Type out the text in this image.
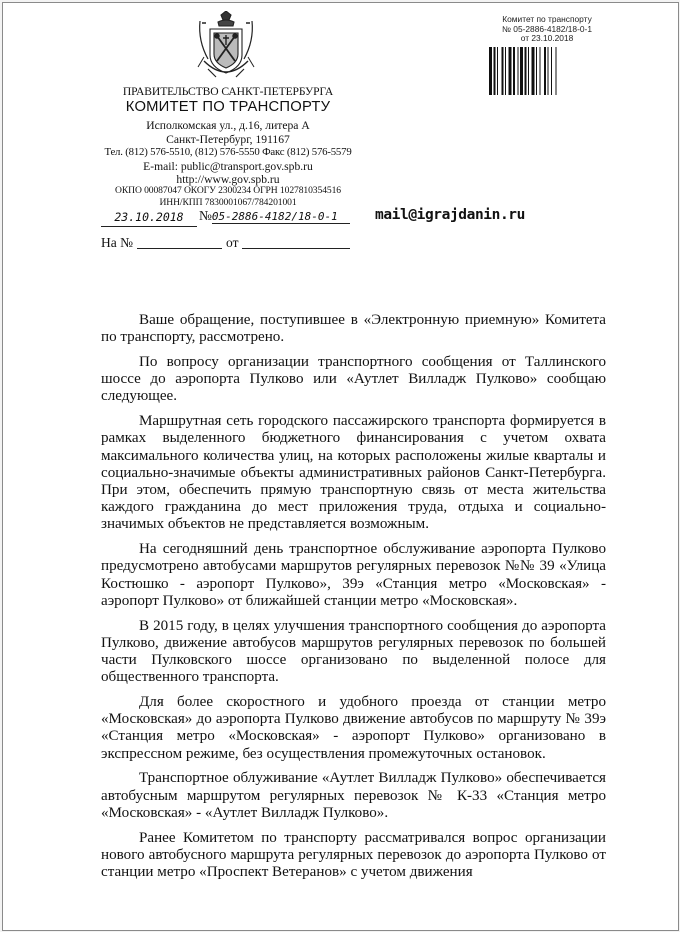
ПРАВИТЕЛЬСТВО САНКТ-ПЕТЕРБУРГА
КОМИТЕТ ПО ТРАНСПОРТУ
Исполкомская ул., д.16, литера А
Санкт-Петербург, 191167
Тел. (812) 576-5510, (812) 576-5550 Факс (812) 576-5579
E-mail: public@transport.gov.spb.ru
http://www.gov.spb.ru
ОКПО 00087047 ОКОГУ 2300234 ОГРН 1027810354516
ИНН/КПП 7830001067/784201001
23.10.2018	№05-2886-4182/18-0-1
На №	от
mail@igrajdanin.ru
Комитет по транспорту
№ 05-2886-4182/18-0-1
от 23.10.2018

Ваше обращение, поступившее в «Электронную приемную» Комитета по транспорту, рассмотрено.

По вопросу организации транспортного сообщения от Таллинского шоссе до аэропорта Пулково или «Аутлет Вилладж Пулково» сообщаю следующее.

Маршрутная сеть городского пассажирского транспорта формируется в рамках выделенного бюджетного финансирования с учетом охвата максимального количества улиц, на которых расположены жилые кварталы и социально-значимые объекты административных районов Санкт-Петербурга. При этом, обеспечить прямую транспортную связь от места жительства каждого гражданина до мест приложения труда, отдыха и социально-значимых объектов не представляется возможным.

На сегодняшний день транспортное обслуживание аэропорта Пулково предусмотрено автобусами маршрутов регулярных перевозок №№ 39 «Улица Костюшко - аэропорт Пулково», 39э «Станция метро «Московская» - аэропорт Пулково» от ближайшей станции метро «Московская».

В 2015 году, в целях улучшения транспортного сообщения до аэропорта Пулково, движение автобусов маршрутов регулярных перевозок по большей части Пулковского шоссе организовано по выделенной полосе для общественного транспорта.

Для более скоростного и удобного проезда от станции метро «Московская» до аэропорта Пулково движение автобусов по маршруту № 39э «Станция метро «Московская» - аэропорт Пулково» организовано в экспрессном режиме, без осуществления промежуточных остановок.

Транспортное облуживание «Аутлет Вилладж Пулково» обеспечивается автобусным маршрутом регулярных перевозок № К-33 «Станция метро «Московская» - «Аутлет Вилладж Пулково».

Ранее Комитетом по транспорту рассматривался вопрос организации нового автобусного маршрута регулярных перевозок до аэропорта Пулково от станции метро «Проспект Ветеранов» с учетом движения
